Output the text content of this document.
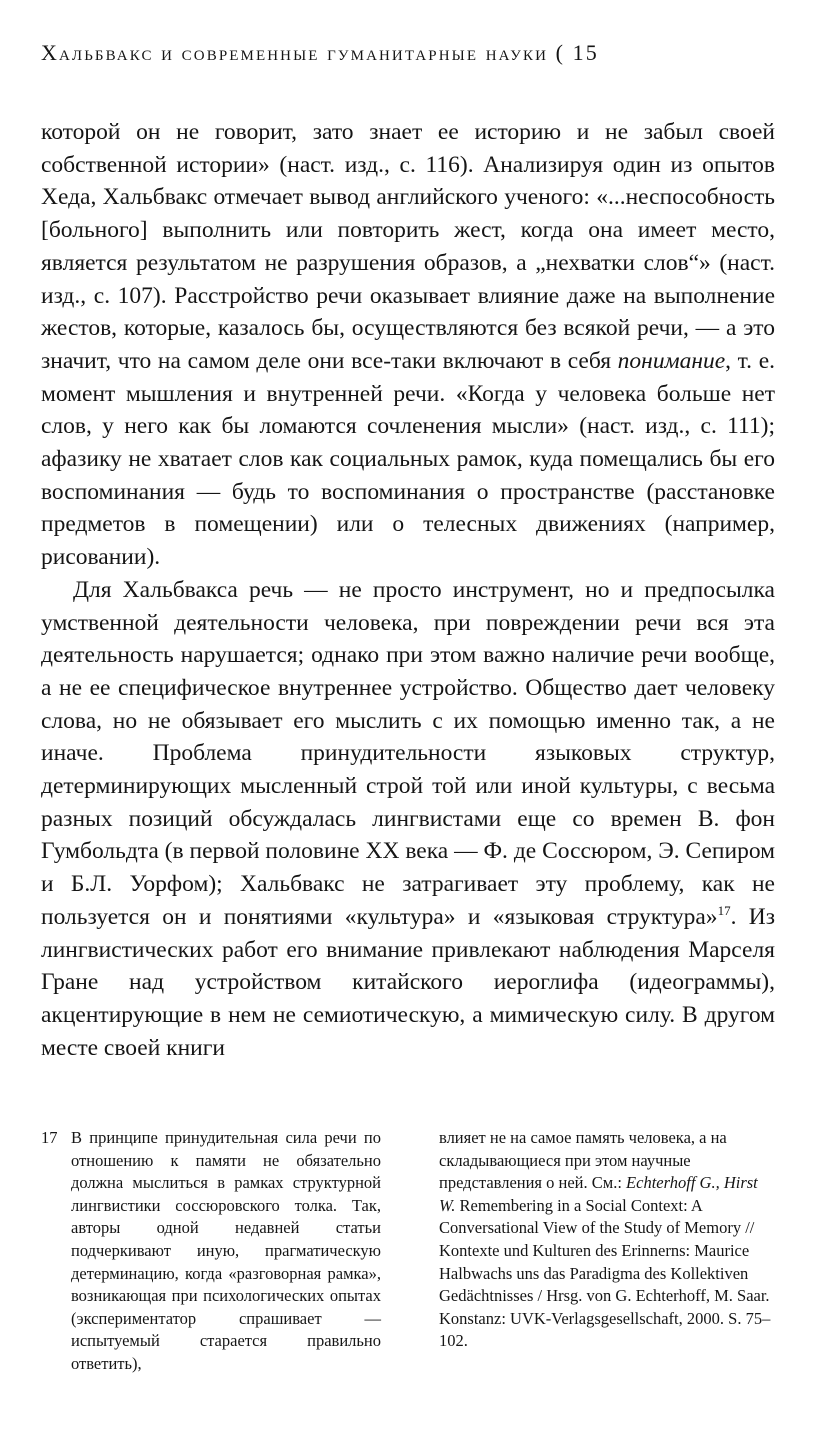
Хальбвакс и современные гуманитарные науки ( 15

которой он не говорит, зато знает ее историю и не забыл своей собственной истории» (наст. изд., с. 116). Анализируя один из опытов Хеда, Хальбвакс отмечает вывод английского ученого: «...неспособность [больного] выполнить или повторить жест, когда она имеет место, является результатом не разрушения образов, а „нехватки слов“» (наст. изд., с. 107). Расстройство речи оказывает влияние даже на выполнение жестов, которые, казалось бы, осуществляются без всякой речи, — а это значит, что на самом деле они все-таки включают в себя понимание, т. е. момент мышления и внутренней речи. «Когда у человека больше нет слов, у него как бы ломаются сочленения мысли» (наст. изд., с. 111); афазику не хватает слов как социальных рамок, куда помещались бы его воспоминания — будь то воспоминания о пространстве (расстановке предметов в помещении) или о телесных движениях (например, рисовании).

Для Хальбвакса речь — не просто инструмент, но и предпосылка умственной деятельности человека, при повреждении речи вся эта деятельность нарушается; однако при этом важно наличие речи вообще, а не ее специфическое внутреннее устройство. Общество дает человеку слова, но не обязывает его мыслить с их помощью именно так, а не иначе. Проблема принудительности языковых структур, детерминирующих мысленный строй той или иной культуры, с весьма разных позиций обсуждалась лингвистами еще со времен В. фон Гумбольдта (в первой половине XX века — Ф. де Соссюром, Э. Сепиром и Б.Л. Уорфом); Хальбвакс не затрагивает эту проблему, как не пользуется он и понятиями «культура» и «языковая структура»$^{17}$. Из лингвистических работ его внимание привлекают наблюдения Марселя Гране над устройством китайского иероглифа (идеограммы), акцентирующие в нем не семиотическую, а мимическую силу. В другом месте своей книги

17 В принципе принудительная сила речи по отношению к памяти не обязательно должна мыслиться в рамках структурной лингвистики соссюровского толка. Так, авторы одной недавней статьи подчеркивают иную, прагматическую детерминацию, когда «разговорная рамка», возникающая при психологических опытах (экспериментатор спрашивает — испытуемый старается правильно ответить),
влияет не на самое память человека, а на складывающиеся при этом научные представления о ней. См.: Echterhoff G., Hirst W. Remembering in a Social Context: A Conversational View of the Study of Memory // Kontexte und Kulturen des Erinnerns: Maurice Halbwachs uns das Paradigma des Kollektiven Gedächtnisses / Hrsg. von G. Echterhoff, M. Saar. Konstanz: UVK-Verlagsgesellschaft, 2000. S. 75–102.
